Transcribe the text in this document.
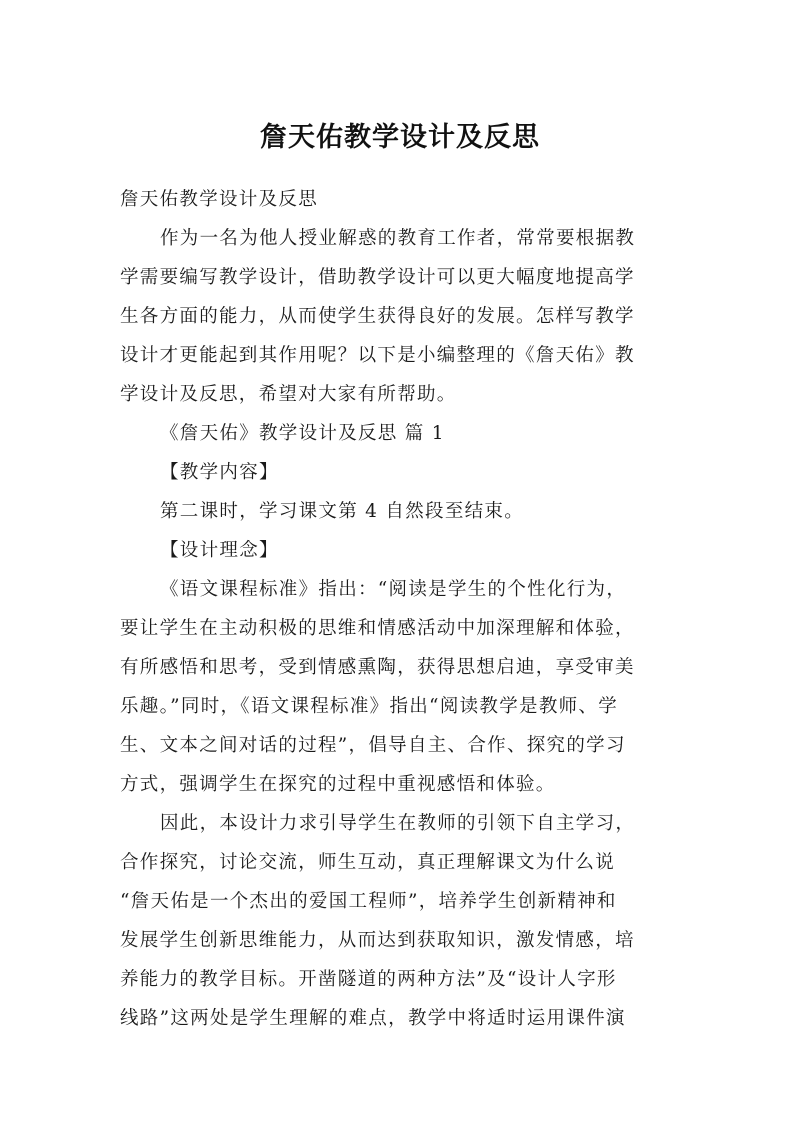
詹天佑教学设计及反思

詹天佑教学设计及反思

作为一名为他人授业解惑的教育工作者，常常要根据教

学需要编写教学设计，借助教学设计可以更大幅度地提高学

生各方面的能力，从而使学生获得良好的发展。怎样写教学

设计才更能起到其作用呢？以下是小编整理的《詹天佑》教

学设计及反思，希望对大家有所帮助。

《詹天佑》教学设计及反思 篇 1

【教学内容】

第二课时，学习课文第 4 自然段至结束。

【设计理念】

《语文课程标准》指出：“阅读是学生的个性化行为，

要让学生在主动积极的思维和情感活动中加深理解和体验，

有所感悟和思考，受到情感熏陶，获得思想启迪，享受审美

乐趣。”同时，《语文课程标准》指出“阅读教学是教师、学

生、文本之间对话的过程”，倡导自主、合作、探究的学习

方式，强调学生在探究的过程中重视感悟和体验。

因此，本设计力求引导学生在教师的引领下自主学习，

合作探究，讨论交流，师生互动，真正理解课文为什么说

“詹天佑是一个杰出的爱国工程师”，培养学生创新精神和

发展学生创新思维能力，从而达到获取知识，激发情感，培

养能力的教学目标。开凿隧道的两种方法”及“设计人字形

线路”这两处是学生理解的难点，教学中将适时运用课件演
